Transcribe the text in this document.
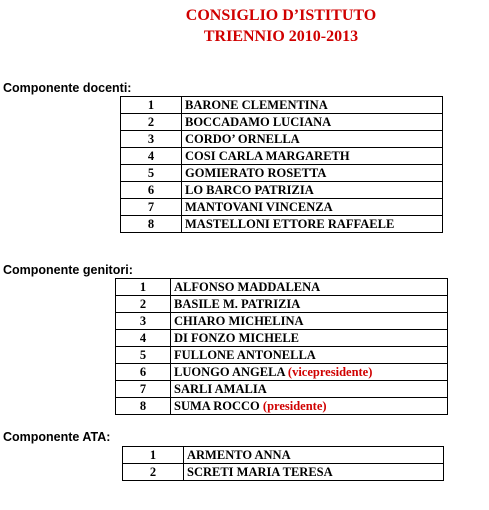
CONSIGLIO D’ISTITUTO
TRIENNIO 2010-2013
Componente docenti:
1	BARONE CLEMENTINA
2	BOCCADAMO LUCIANA
3	CORDO’ ORNELLA
4	COSI CARLA MARGARETH
5	GOMIERATO ROSETTA
6	LO BARCO PATRIZIA
7	MANTOVANI VINCENZA
8	MASTELLONI ETTORE RAFFAELE
Componente genitori:
1	ALFONSO MADDALENA
2	BASILE M. PATRIZIA
3	CHIARO MICHELINA
4	DI FONZO MICHELE
5	FULLONE ANTONELLA
6	LUONGO ANGELA (vicepresidente)
7	SARLI AMALIA
8	SUMA ROCCO (presidente)
Componente ATA:
1	ARMENTO ANNA
2	SCRETI MARIA TERESA
